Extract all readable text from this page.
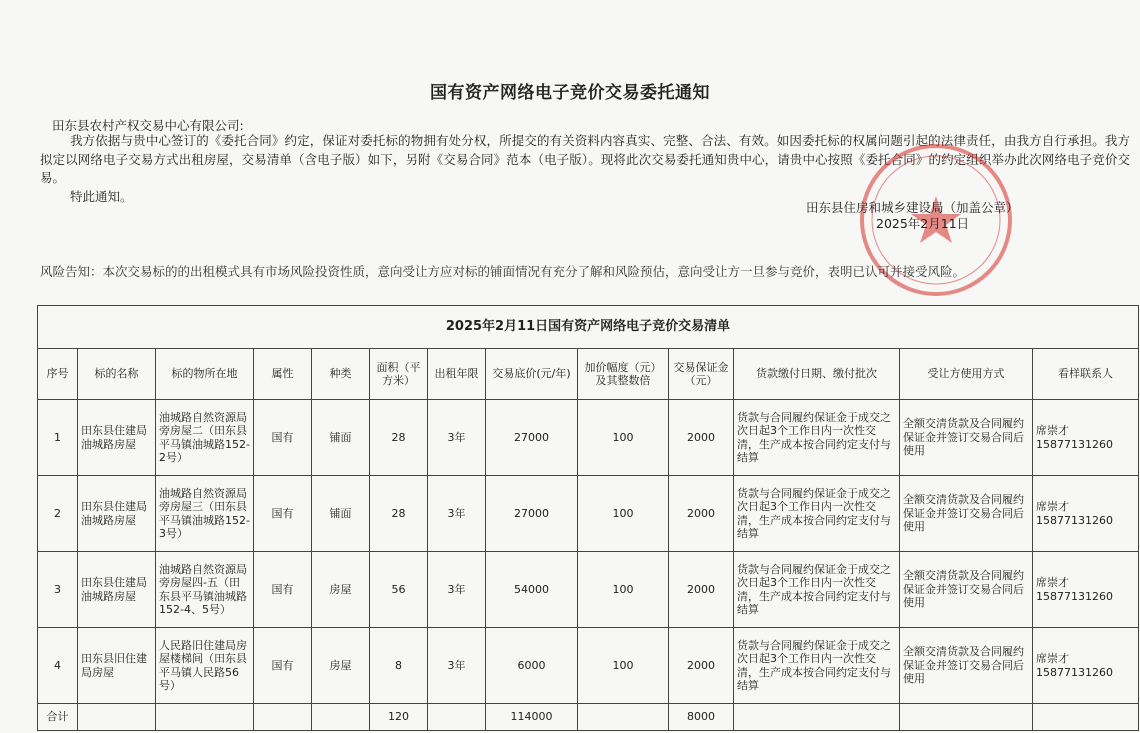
国有资产网络电子竞价交易委托通知
田东县农村产权交易中心有限公司:
我方依据与贵中心签订的《委托合同》约定，保证对委托标的物拥有处分权，所提交的有关资料内容真实、完整、合法、有效。如因委托标的权属问题引起的法律责任，由我方自行承担。我方拟定以网络电子交易方式出租房屋，交易清单（含电子版）如下，另附《交易合同》范本（电子版）。现将此次交易委托通知贵中心，请贵中心按照《委托合同》的约定组织举办此次网络电子竞价交易。
特此通知。
田东县住房和城乡建设局（加盖公章）
2025年2月11日
风险告知：本次交易标的的出租模式具有市场风险投资性质，意向受让方应对标的铺面情况有充分了解和风险预估，意向受让方一旦参与竞价，表明已认可并接受风险。
2025年2月11日国有资产网络电子竞价交易清单												
序号	标的名称	标的物所在地	属性	种类	面积（平方米）	出租年限	交易底价(元/年)	加价幅度（元）及其整数倍	交易保证金（元）	货款缴付日期、缴付批次	受让方使用方式	看样联系人
1	田东县住建局油城路房屋	油城路自然资源局旁房屋二（田东县平马镇油城路152-2号）	国有	铺面	28	3年	27000	100	2000	货款与合同履约保证金于成交之次日起3个工作日内一次性交清，生产成本按合同约定支付与结算	全额交清货款及合同履约保证金并签订交易合同后使用	席崇才15877131260
2	田东县住建局油城路房屋	油城路自然资源局旁房屋三（田东县平马镇油城路152-3号）	国有	铺面	28	3年	27000	100	2000	货款与合同履约保证金于成交之次日起3个工作日内一次性交清，生产成本按合同约定支付与结算	全额交清货款及合同履约保证金并签订交易合同后使用	席崇才15877131260
3	田东县住建局油城路房屋	油城路自然资源局旁房屋四-五（田东县平马镇油城路152-4、5号）	国有	房屋	56	3年	54000	100	2000	货款与合同履约保证金于成交之次日起3个工作日内一次性交清，生产成本按合同约定支付与结算	全额交清货款及合同履约保证金并签订交易合同后使用	席崇才15877131260
4	田东县旧住建局房屋	人民路旧住建局房屋楼梯间（田东县平马镇人民路56号）	国有	房屋	8	3年	6000	100	2000	货款与合同履约保证金于成交之次日起3个工作日内一次性交清，生产成本按合同约定支付与结算	全额交清货款及合同履约保证金并签订交易合同后使用	席崇才15877131260
合计					120		114000		8000			
